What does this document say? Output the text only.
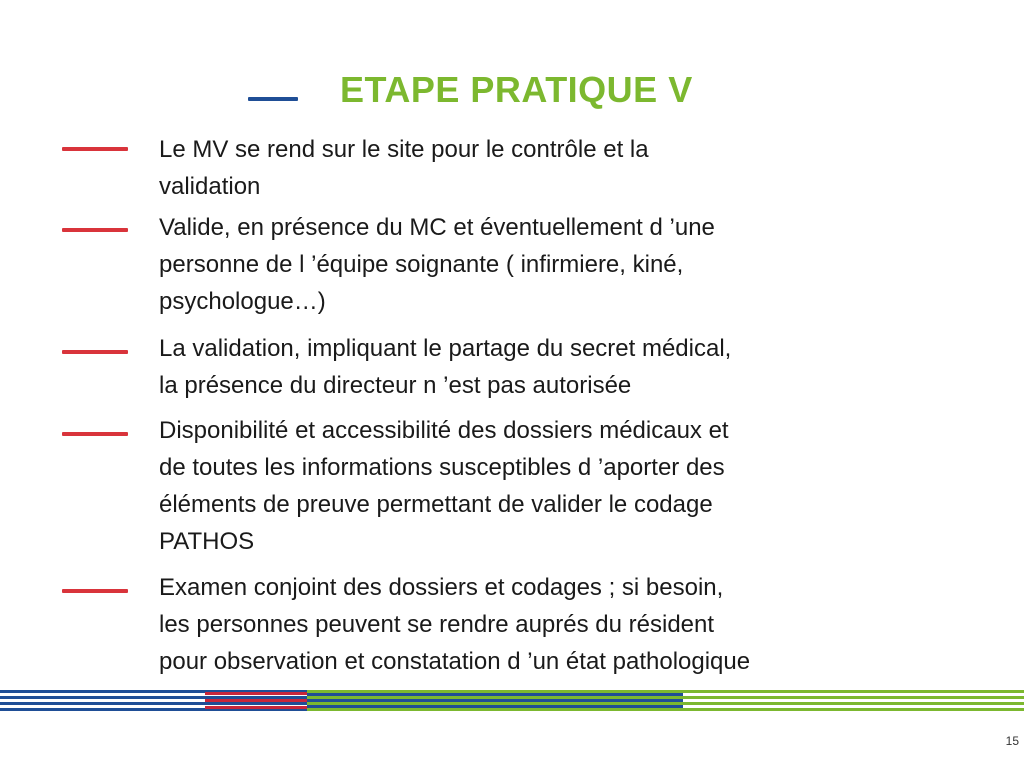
ETAPE PRATIQUE V
Le MV se rend sur le site pour le contrôle et la
validation
Valide, en présence du MC et éventuellement d ’une
personne de l ’équipe soignante ( infirmiere, kiné,
psychologue…)
La validation, impliquant le partage du secret médical,
la présence du directeur n ’est pas autorisée
Disponibilité et accessibilité des dossiers médicaux et
de toutes les informations susceptibles d ’aporter des
éléments de preuve permettant de valider le codage
PATHOS
Examen conjoint des dossiers et codages ; si besoin,
les personnes peuvent se rendre auprés du résident
pour observation et constatation d ’un état pathologique
15
